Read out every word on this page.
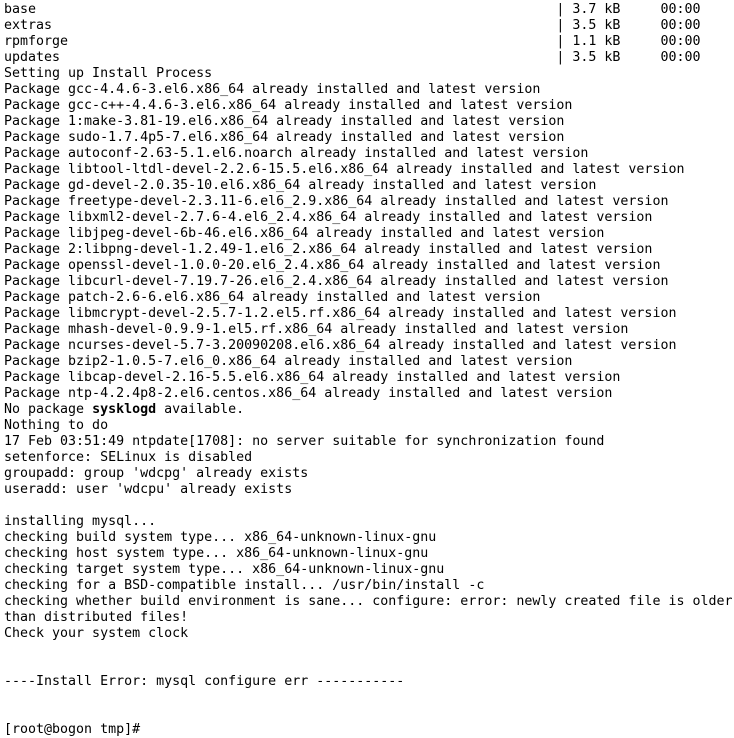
base                                                                 | 3.7 kB     00:00
extras                                                               | 3.5 kB     00:00
rpmforge                                                             | 1.1 kB     00:00
updates                                                              | 3.5 kB     00:00
Setting up Install Process
Package gcc-4.4.6-3.el6.x86_64 already installed and latest version
Package gcc-c++-4.4.6-3.el6.x86_64 already installed and latest version
Package 1:make-3.81-19.el6.x86_64 already installed and latest version
Package sudo-1.7.4p5-7.el6.x86_64 already installed and latest version
Package autoconf-2.63-5.1.el6.noarch already installed and latest version
Package libtool-ltdl-devel-2.2.6-15.5.el6.x86_64 already installed and latest version
Package gd-devel-2.0.35-10.el6.x86_64 already installed and latest version
Package freetype-devel-2.3.11-6.el6_2.9.x86_64 already installed and latest version
Package libxml2-devel-2.7.6-4.el6_2.4.x86_64 already installed and latest version
Package libjpeg-devel-6b-46.el6.x86_64 already installed and latest version
Package 2:libpng-devel-1.2.49-1.el6_2.x86_64 already installed and latest version
Package openssl-devel-1.0.0-20.el6_2.4.x86_64 already installed and latest version
Package libcurl-devel-7.19.7-26.el6_2.4.x86_64 already installed and latest version
Package patch-2.6-6.el6.x86_64 already installed and latest version
Package libmcrypt-devel-2.5.7-1.2.el5.rf.x86_64 already installed and latest version
Package mhash-devel-0.9.9-1.el5.rf.x86_64 already installed and latest version
Package ncurses-devel-5.7-3.20090208.el6.x86_64 already installed and latest version
Package bzip2-1.0.5-7.el6_0.x86_64 already installed and latest version
Package libcap-devel-2.16-5.5.el6.x86_64 already installed and latest version
Package ntp-4.2.4p8-2.el6.centos.x86_64 already installed and latest version
No package sysklogd available.
Nothing to do
17 Feb 03:51:49 ntpdate[1708]: no server suitable for synchronization found
setenforce: SELinux is disabled
groupadd: group 'wdcpg' already exists
useradd: user 'wdcpu' already exists
installing mysql...
checking build system type... x86_64-unknown-linux-gnu
checking host system type... x86_64-unknown-linux-gnu
checking target system type... x86_64-unknown-linux-gnu
checking for a BSD-compatible install... /usr/bin/install -c
checking whether build environment is sane... configure: error: newly created file is older
than distributed files!
Check your system clock
----Install Error: mysql configure err -----------
[root@bogon tmp]#
